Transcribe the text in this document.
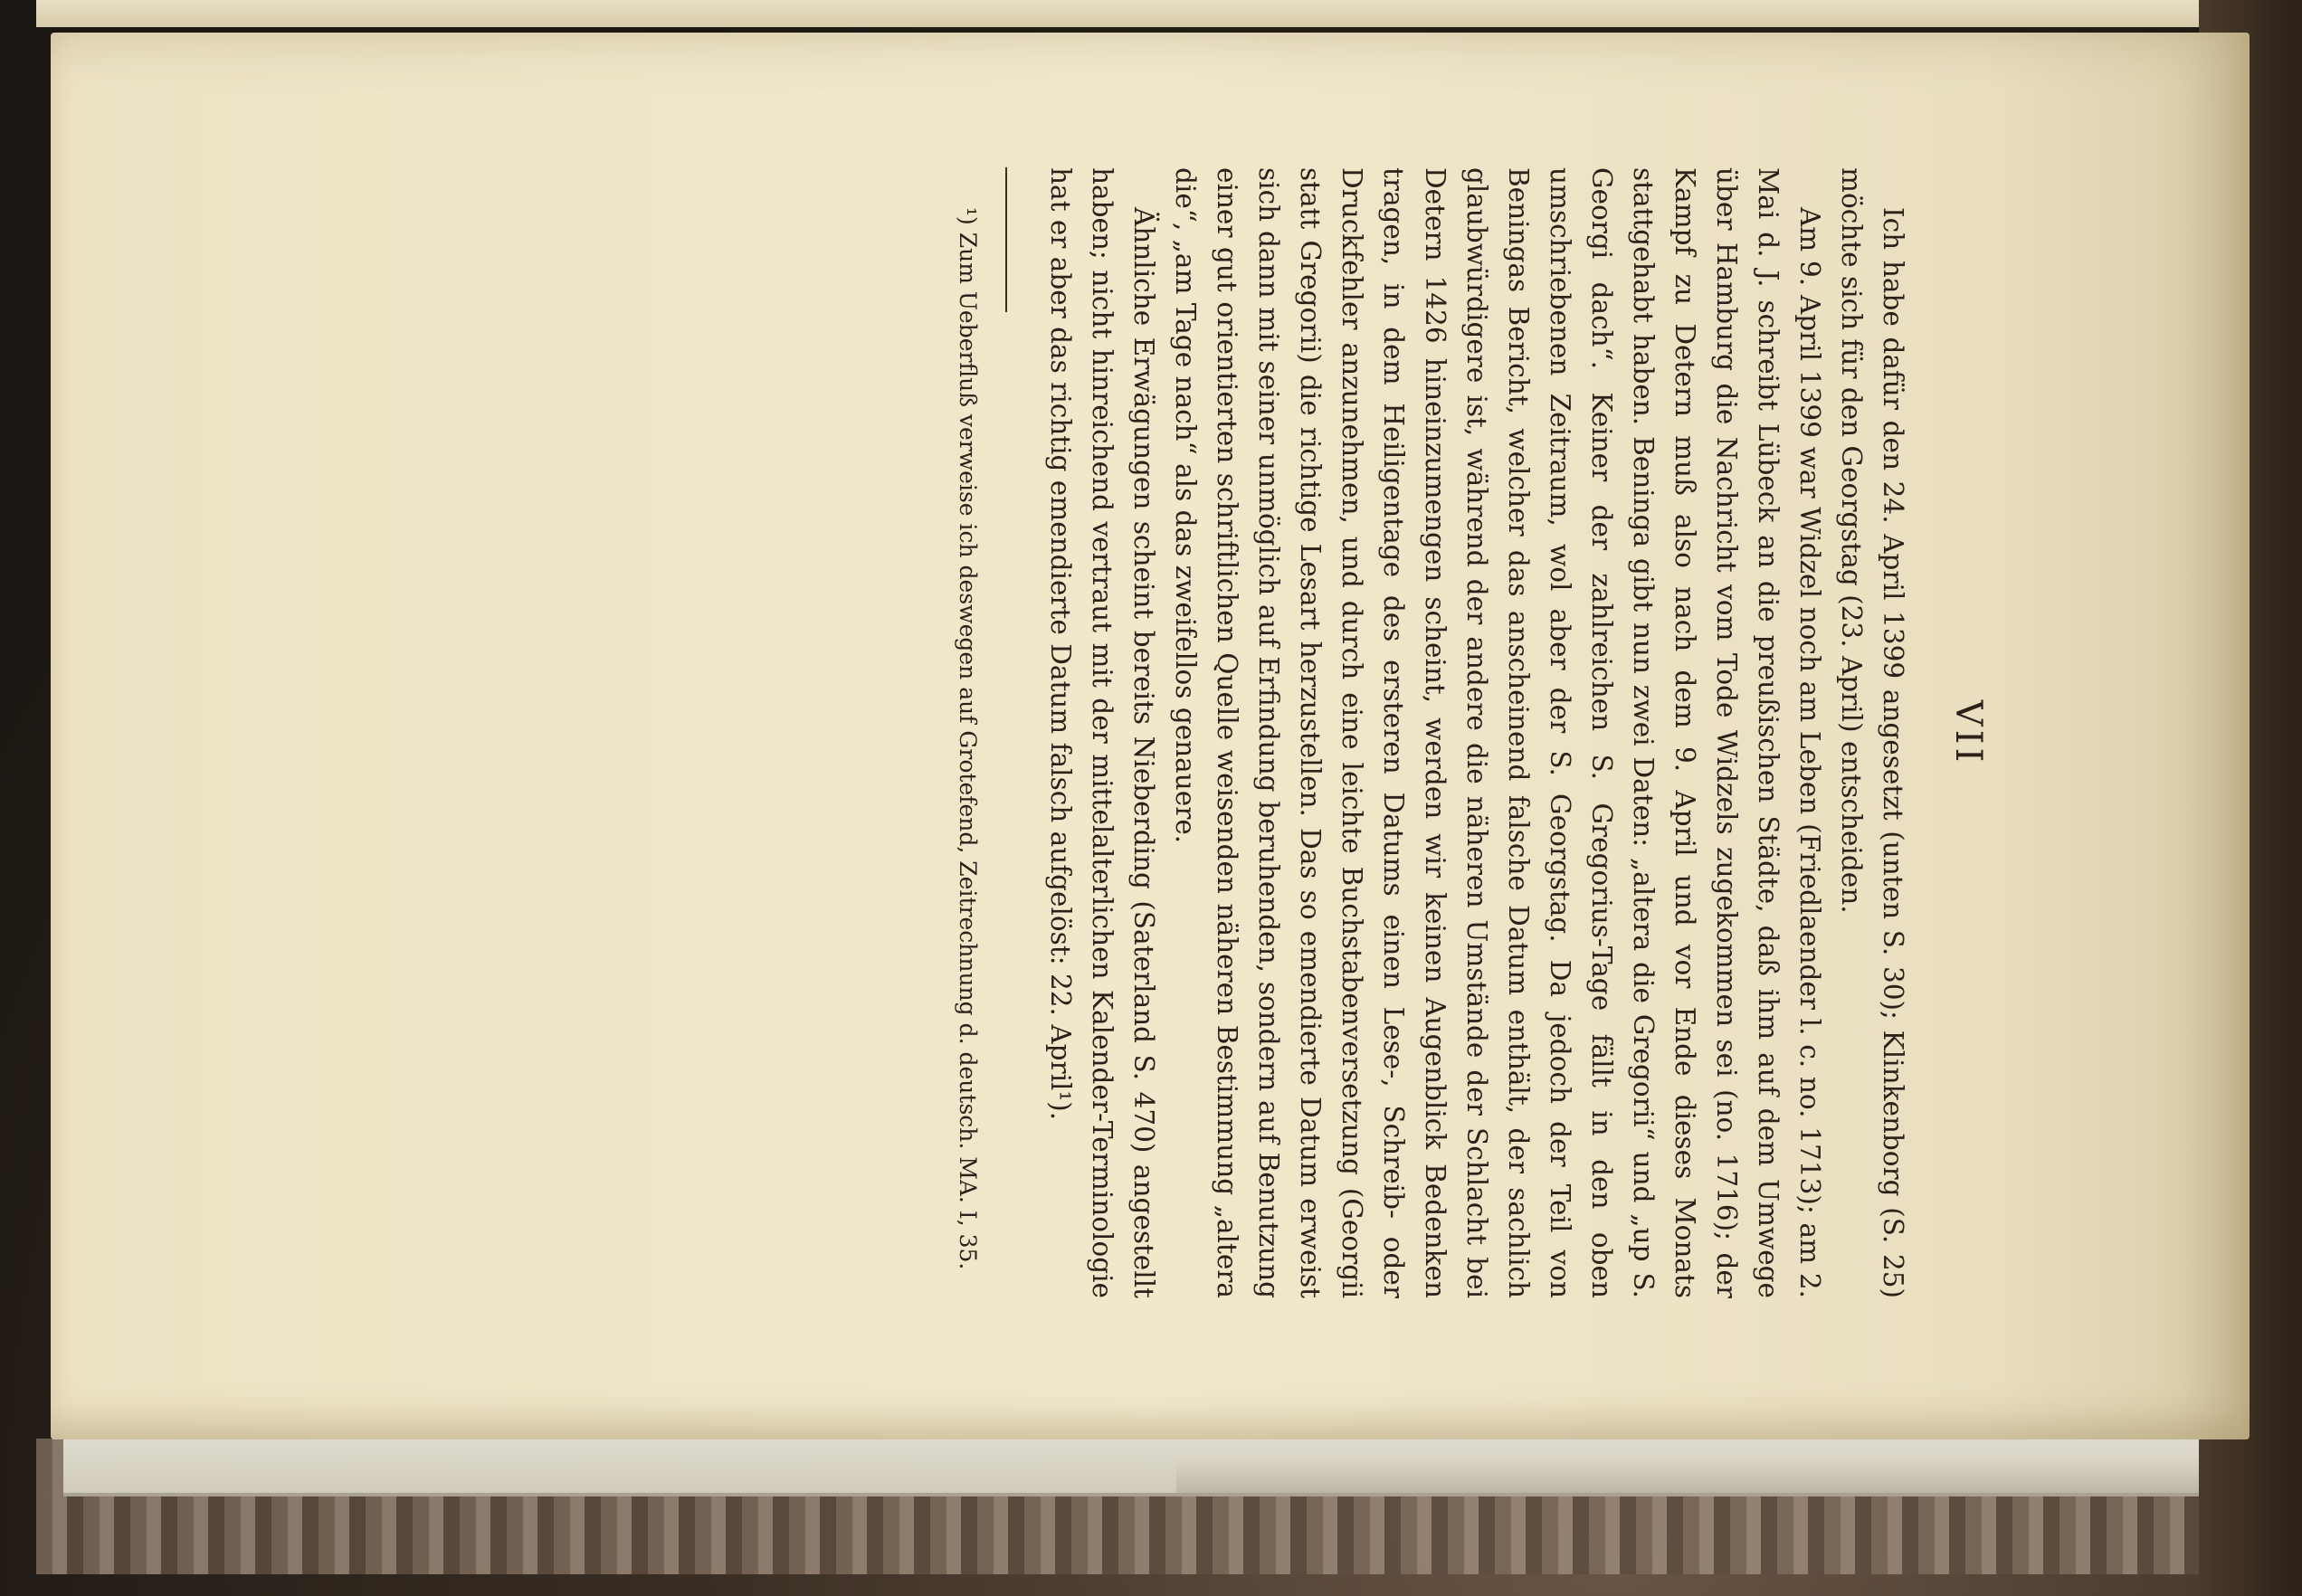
VII

Ich habe dafür den 24. April 1399 angesetzt (unten S. 30); Klinkenborg (S. 25) möchte sich für den Georgstag (23. April) entscheiden.

Am 9. April 1399 war Widzel noch am Leben (Friedlaender l. c. no. 1713); am 2. Mai d. J. schreibt Lübeck an die preußischen Städte, daß ihm auf dem Umwege über Hamburg die Nachricht vom Tode Widzels zugekommen sei (no. 1716); der Kampf zu Detern muß also nach dem 9. April und vor Ende dieses Monats stattgehabt haben. Beninga gibt nun zwei Daten: „altera die Gregorii“ und „up S. Georgi dach“. Keiner der zahlreichen S. Gregorius-Tage fällt in den oben umschriebenen Zeitraum, wol aber der S. Georgstag. Da jedoch der Teil von Beningas Bericht, welcher das anscheinend falsche Datum enthält, der sachlich glaubwürdigere ist, während der andere die näheren Umstände der Schlacht bei Detern 1426 hineinzumengen scheint, werden wir keinen Augenblick Bedenken tragen, in dem Heiligentage des ersteren Datums einen Lese-, Schreib- oder Druckfehler anzunehmen, und durch eine leichte Buchstabenversetzung (Georgii statt Gregorii) die richtige Lesart herzustellen. Das so emendierte Datum erweist sich dann mit seiner unmöglich auf Erfindung beruhenden, sondern auf Benutzung einer gut orientierten schriftlichen Quelle weisenden näheren Bestimmung „altera die“, „am Tage nach“ als das zweifellos genauere.

Ähnliche Erwägungen scheint bereits Nieberding (Saterland S. 470) angestellt haben; nicht hinreichend vertraut mit der mittelalterlichen Kalender-Terminologie hat er aber das richtig emendierte Datum falsch aufgelöst: 22. April¹).

¹) Zum Ueberfluß verweise ich deswegen auf Grotefend, Zeitrechnung d. deutsch. MA. I, 35.
